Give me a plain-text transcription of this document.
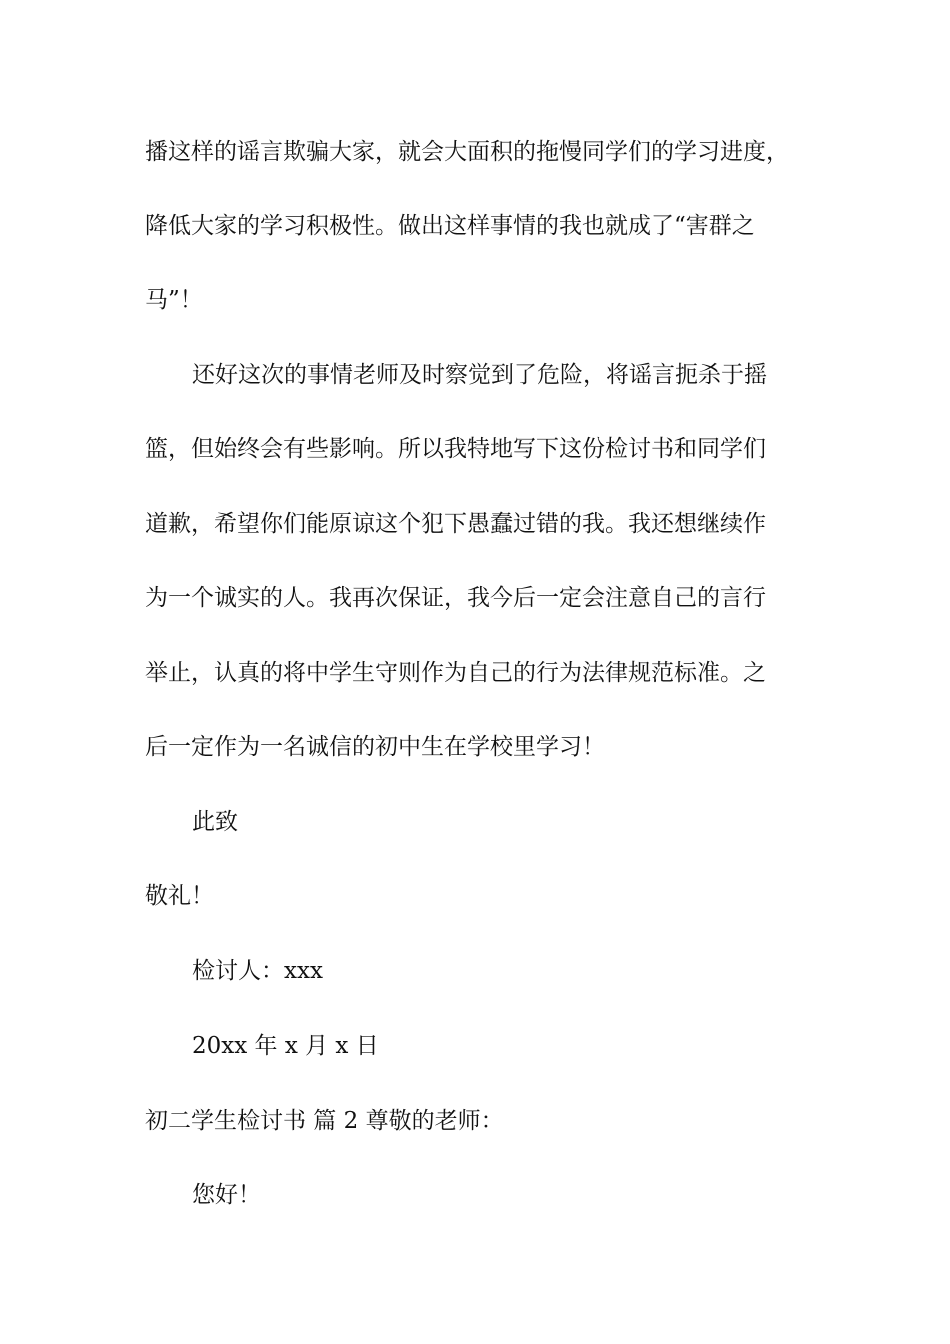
播这样的谣言欺骗大家，就会大面积的拖慢同学们的学习进度，
降低大家的学习积极性。做出这样事情的我也就成了“害群之
马”！
还好这次的事情老师及时察觉到了危险，将谣言扼杀于摇
篮，但始终会有些影响。所以我特地写下这份检讨书和同学们
道歉，希望你们能原谅这个犯下愚蠢过错的我。我还想继续作
为一个诚实的人。我再次保证，我今后一定会注意自己的言行
举止，认真的将中学生守则作为自己的行为法律规范标准。之
后一定作为一名诚信的初中生在学校里学习！
此致
敬礼！
检讨人：xxx
20xx 年 x 月 x 日
初二学生检讨书 篇 2 尊敬的老师：
您好！
